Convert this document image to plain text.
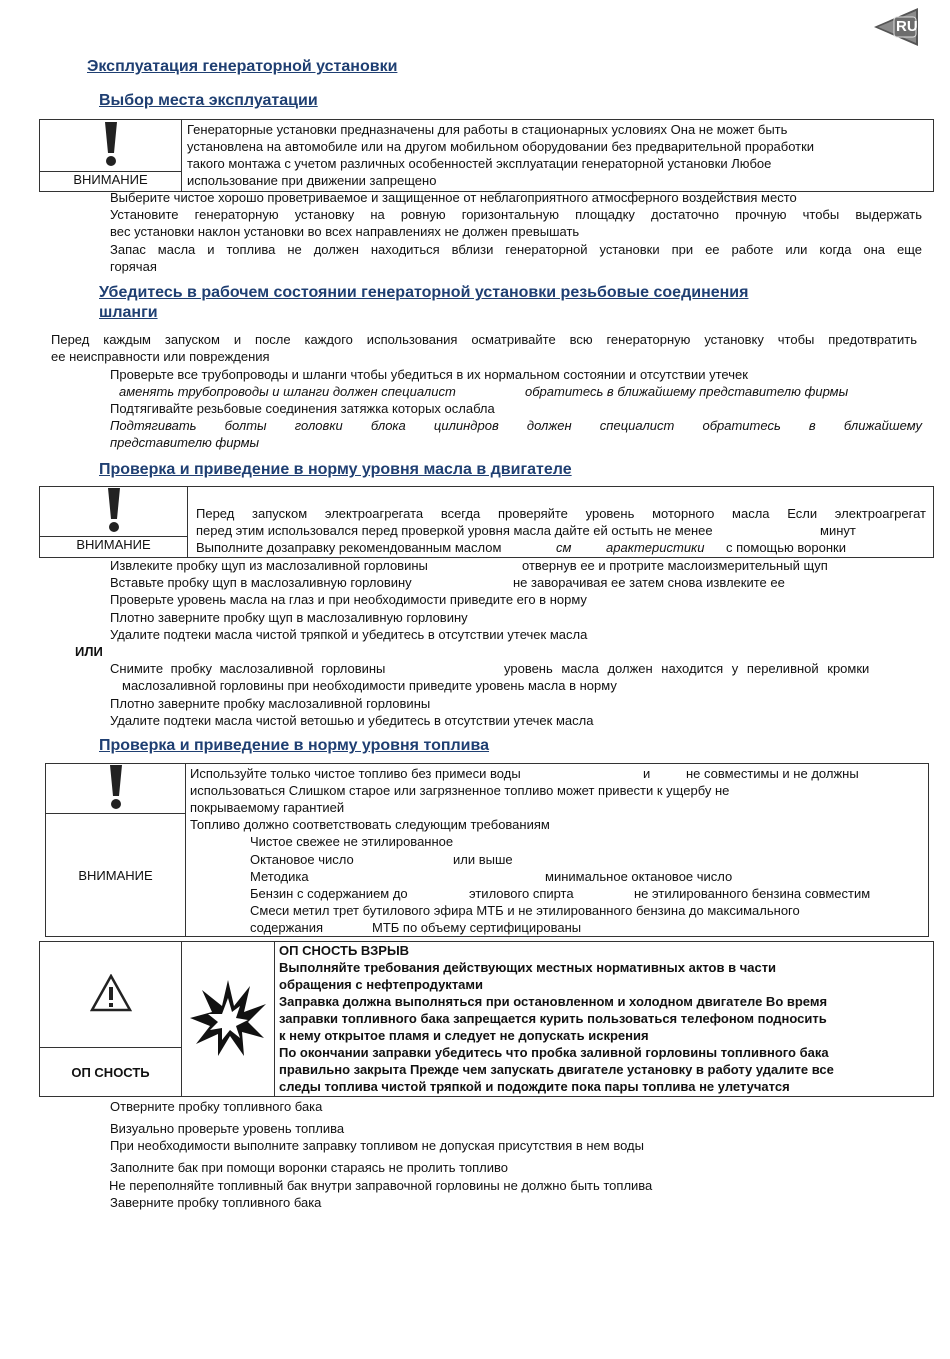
RU
Эксплуатация генераторной установки
Выбор места эксплуатации

Генераторные установки предназначены для работы в стационарных условиях Она не может быть
установлена на автомобиле или на другом мобильном оборудовании без предварительной проработки
такого монтажа с учетом различных особенностей эксплуатации генераторной установки Любое
использование при движении запрещено

ВНИМАНИЕ
Выберите чистое хорошо проветриваемое и защищенное от неблагоприятного атмосферного воздействия место
Установите генераторную установку на ровную горизонтальную площадку достаточно прочную чтобы выдержать
вес установки наклон установки во всех направлениях не должен превышать
Запас масла и топлива не должен находиться вблизи генераторной установки при ее работе или когда она еще
горячая
Убедитесь в рабочем состоянии генераторной установки резьбовые соединения
шланги
Перед каждым запуском и после каждого использования осматривайте всю генераторную установку чтобы предотвратить
ее неисправности или повреждения
Проверьте все трубопроводы и шланги чтобы убедиться в их нормальном состоянии и отсутствии утечек
аменять трубопроводы и шланги должен специалист	обратитесь в ближайшему представителю фирмы
Подтягивайте резьбовые соединения затяжка которых ослабла
Подтягивать болты головки блока цилиндров должен специалист обратитесь в ближайшему
представителю фирмы
Проверка и приведение в норму уровня масла в двигателе

Перед запуском электроагрегата всегда проверяйте уровень моторного масла Если электроагрегат
перед этим использовался перед проверкой уровня масла дайте ей остыть не менее	минут
Выполните дозаправку рекомендованным маслом	см	арактеристики с помощью воронки

ВНИМАНИЕ
Извлеките пробку щуп из маслозаливной горловины	отвернув ее и протрите маслоизмерительный щуп
Вставьте пробку щуп в маслозаливную горловину	не заворачивая ее затем снова извлеките ее
Проверьте уровень масла на глаз и при необходимости приведите его в норму
Плотно заверните пробку щуп в маслозаливную горловину
Удалите подтеки масла чистой тряпкой и убедитесь в отсутствии утечек масла
ИЛИ
Снимите пробку маслозаливной горловины	уровень масла должен находится у переливной кромки
маслозаливной горловины при необходимости приведите уровень масла в норму
Плотно заверните пробку маслозаливной горловины
Удалите подтеки масла чистой ветошью и убедитесь в отсутствии утечек масла
Проверка и приведение в норму уровня топлива

Используйте только чистое топливо без примеси воды	и	не совместимы и не должны
использоваться Слишком старое или загрязненное топливо может привести к ущербу не
покрываемому гарантией
Топливо должно соответствовать следующим требованиям
Чистое свежее не этилированное
Октановое число	или выше
Методика	минимальное октановое число
Бензин с содержанием до	этилового спирта	не этилированного бензина совместим
Смеси метил трет бутилового эфира МТБ и не этилированного бензина до максимального
содержания	МТБ по объему сертифицированы

ВНИМАНИЕ

ОП СНОСТЬ ВЗРЫВ
Выполняйте требования действующих местных нормативных актов в части
обращения с нефтепродуктами
Заправка должна выполняться при остановленном и холодном двигателе Во время
заправки топливного бака запрещается курить пользоваться телефоном подносить
к нему открытое пламя и следует не допускать искрения
По окончании заправки убедитесь что пробка заливной горловины топливного бака
правильно закрыта Прежде чем запускать двигателе установку в работу удалите все
следы топлива чистой тряпкой и подождите пока пары топлива не улетучатся

ОП СНОСТЬ
Отверните пробку топливного бака
Визуально проверьте уровень топлива
При необходимости выполните заправку топливом не допуская присутствия в нем воды
Заполните бак при помощи воронки стараясь не пролить топливо
Не переполняйте топливный бак внутри заправочной горловины не должно быть топлива
Заверните пробку топливного бака
